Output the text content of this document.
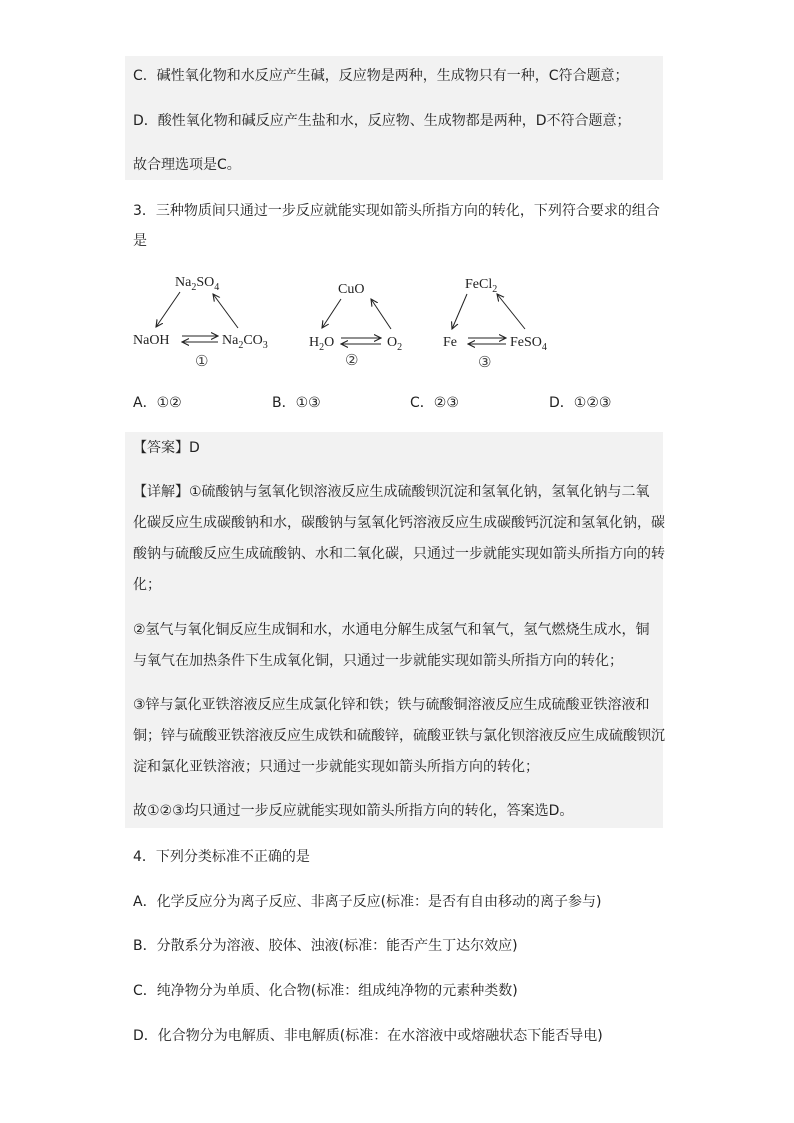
C．碱性氧化物和水反应产生碱，反应物是两种，生成物只有一种，C符合题意；
D．酸性氧化物和碱反应产生盐和水，反应物、生成物都是两种，D不符合题意；
故合理选项是C。
3．三种物质间只通过一步反应就能实现如箭头所指方向的转化，下列符合要求的组合
是
$Na_2SO_4$
NaOH	$Na_2CO_3$
①
CuO
$H_2O$	$O_2$
②
FeCl$_2$
Fe	FeSO$_4$
③
A．①②	B．①③	C．②③	D．①②③
【答案】D
【详解】①硫酸钠与氢氧化钡溶液反应生成硫酸钡沉淀和氢氧化钠，氢氧化钠与二氧
化碳反应生成碳酸钠和水，碳酸钠与氢氧化钙溶液反应生成碳酸钙沉淀和氢氧化钠，碳
酸钠与硫酸反应生成硫酸钠、水和二氧化碳，只通过一步就能实现如箭头所指方向的转
化；
②氢气与氧化铜反应生成铜和水，水通电分解生成氢气和氧气，氢气燃烧生成水，铜
与氧气在加热条件下生成氧化铜，只通过一步就能实现如箭头所指方向的转化；
③锌与氯化亚铁溶液反应生成氯化锌和铁；铁与硫酸铜溶液反应生成硫酸亚铁溶液和
铜；锌与硫酸亚铁溶液反应生成铁和硫酸锌，硫酸亚铁与氯化钡溶液反应生成硫酸钡沉
淀和氯化亚铁溶液；只通过一步就能实现如箭头所指方向的转化；
故①②③均只通过一步反应就能实现如箭头所指方向的转化，答案选D。
4．下列分类标准不正确的是
A．化学反应分为离子反应、非离子反应(标准：是否有自由移动的离子参与)
B．分散系分为溶液、胶体、浊液(标准：能否产生丁达尔效应)
C．纯净物分为单质、化合物(标准：组成纯净物的元素种类数)
D．化合物分为电解质、非电解质(标准：在水溶液中或熔融状态下能否导电)
